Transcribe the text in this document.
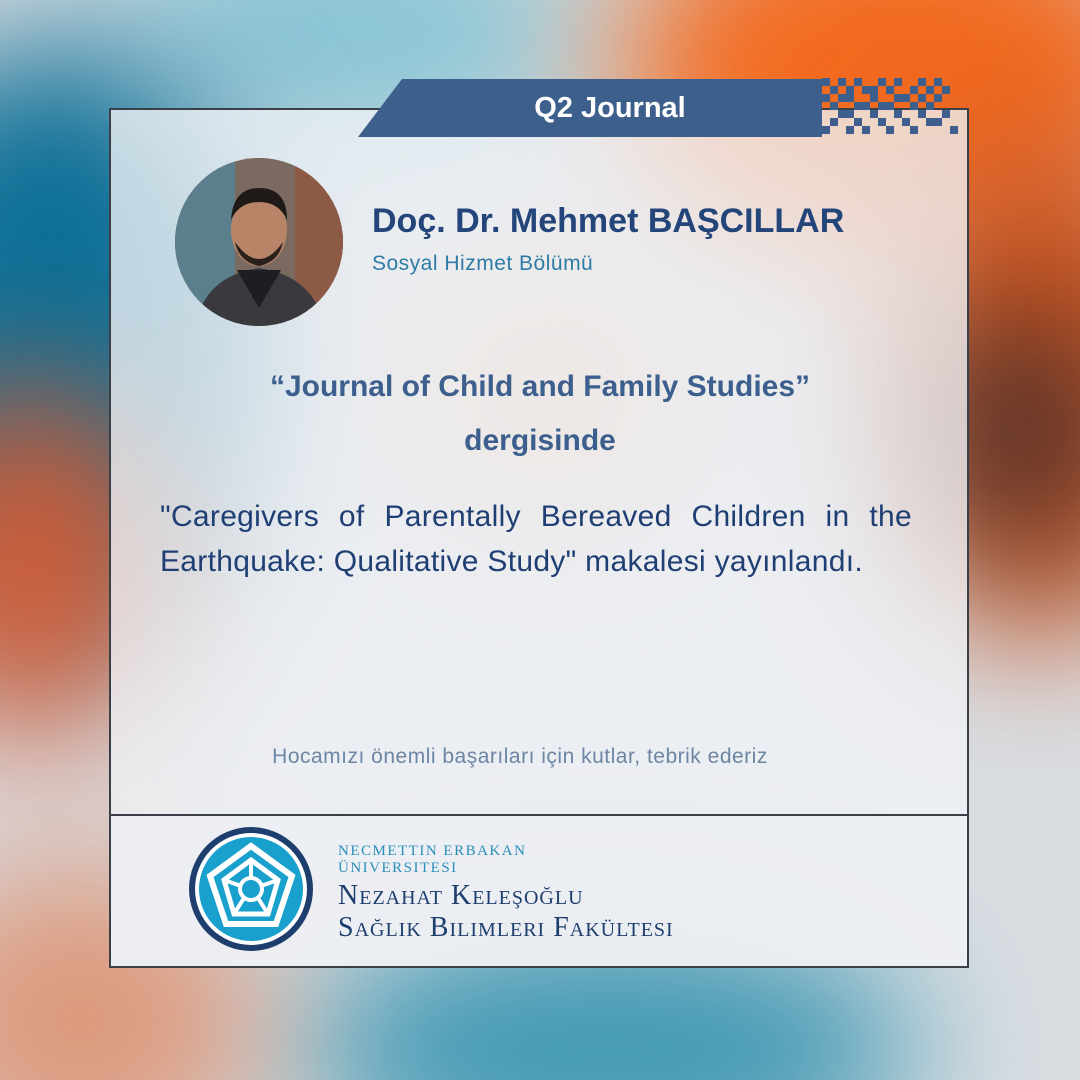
Q2 Journal
Doç. Dr. Mehmet BAŞCILLAR
Sosyal Hizmet Bölümü
“Journal of Child and Family Studies”
dergisinde
"Caregivers of Parentally Bereaved Children in the Earthquake: Qualitative Study" makalesi yayınlandı.
Hocamızı önemli başarıları için kutlar, tebrik ederiz
NECMETTIN ERBAKAN
ÜNIVERSITESI
Nezahat Keleşoğlu
Sağlık Bilimleri Fakültesi
